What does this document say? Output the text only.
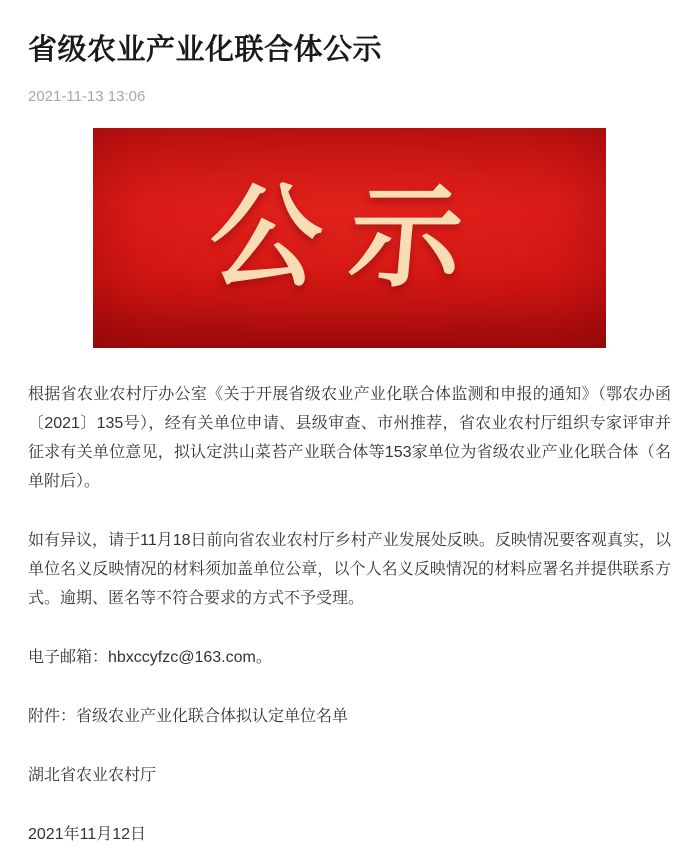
省级农业产业化联合体公示
2021-11-13 13:06
公示

根据省农业农村厅办公室《关于开展省级农业产业化联合体监测和申报的通知》（鄂农办函〔2021〕135号），经有关单位申请、县级审查、市州推荐，省农业农村厅组织专家评审并征求有关单位意见，拟认定洪山菜苔产业联合体等153家单位为省级农业产业化联合体（名单附后）。

如有异议，请于11月18日前向省农业农村厅乡村产业发展处反映。反映情况要客观真实，以单位名义反映情况的材料须加盖单位公章，以个人名义反映情况的材料应署名并提供联系方式。逾期、匿名等不符合要求的方式不予受理。

电子邮箱：hbxccyfzc@163.com。

附件：省级农业产业化联合体拟认定单位名单

湖北省农业农村厅

2021年11月12日
